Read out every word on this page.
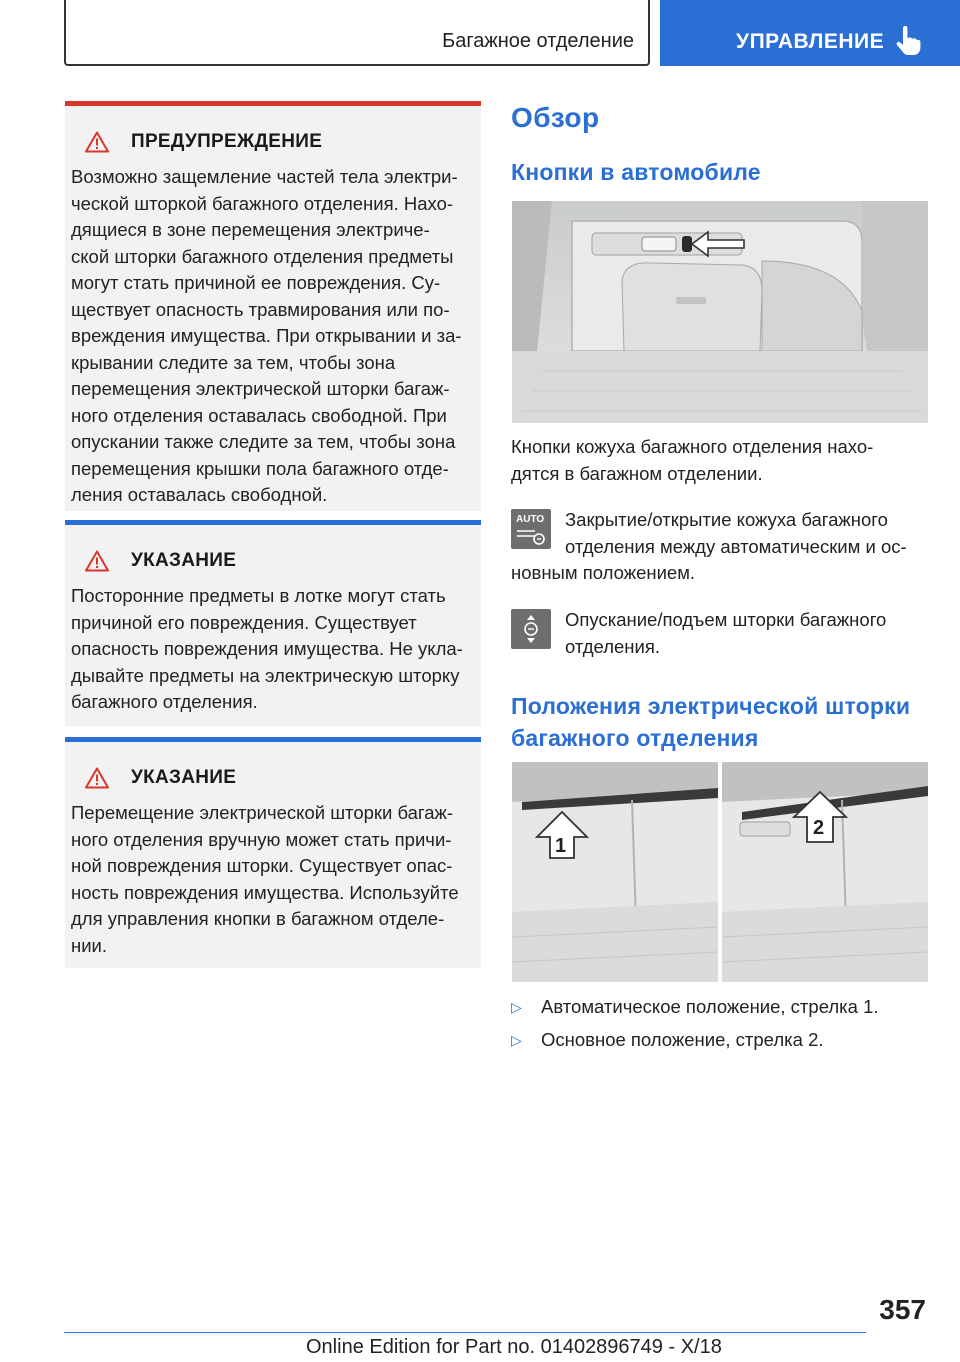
Багажное отделение	УПРАВЛЕНИЕ
ПРЕДУПРЕЖДЕНИЕ
Возможно защемление частей тела электри-
ческой шторкой багажного отделения. Нахо-
дящиеся в зоне перемещения электриче-
ской шторки багажного отделения предметы
могут стать причиной ее повреждения. Су-
ществует опасность травмирования или по-
вреждения имущества. При открывании и за-
крывании следите за тем, чтобы зона
перемещения электрической шторки багаж-
ного отделения оставалась свободной. При
опускании также следите за тем, чтобы зона
перемещения крышки пола багажного отде-
ления оставалась свободной.
УКАЗАНИЕ
Посторонние предметы в лотке могут стать
причиной его повреждения. Существует
опасность повреждения имущества. Не укла-
дывайте предметы на электрическую шторку
багажного отделения.
УКАЗАНИЕ
Перемещение электрической шторки багаж-
ного отделения вручную может стать причи-
ной повреждения шторки. Существует опас-
ность повреждения имущества. Используйте
для управления кнопки в багажном отделе-
нии.
Обзор
Кнопки в автомобиле
Кнопки кожуха багажного отделения нахо-
дятся в багажном отделении.
AUTO	Закрытие/открытие кожуха багажного
отделения между автоматическим и ос-
новным положением.
Опускание/подъем шторки багажного
отделения.
Положения электрической шторки
багажного отделения
1
2
▷	Автоматическое положение, стрелка 1.
▷	Основное положение, стрелка 2.
357
Online Edition for Part no. 01402896749 - X/18
